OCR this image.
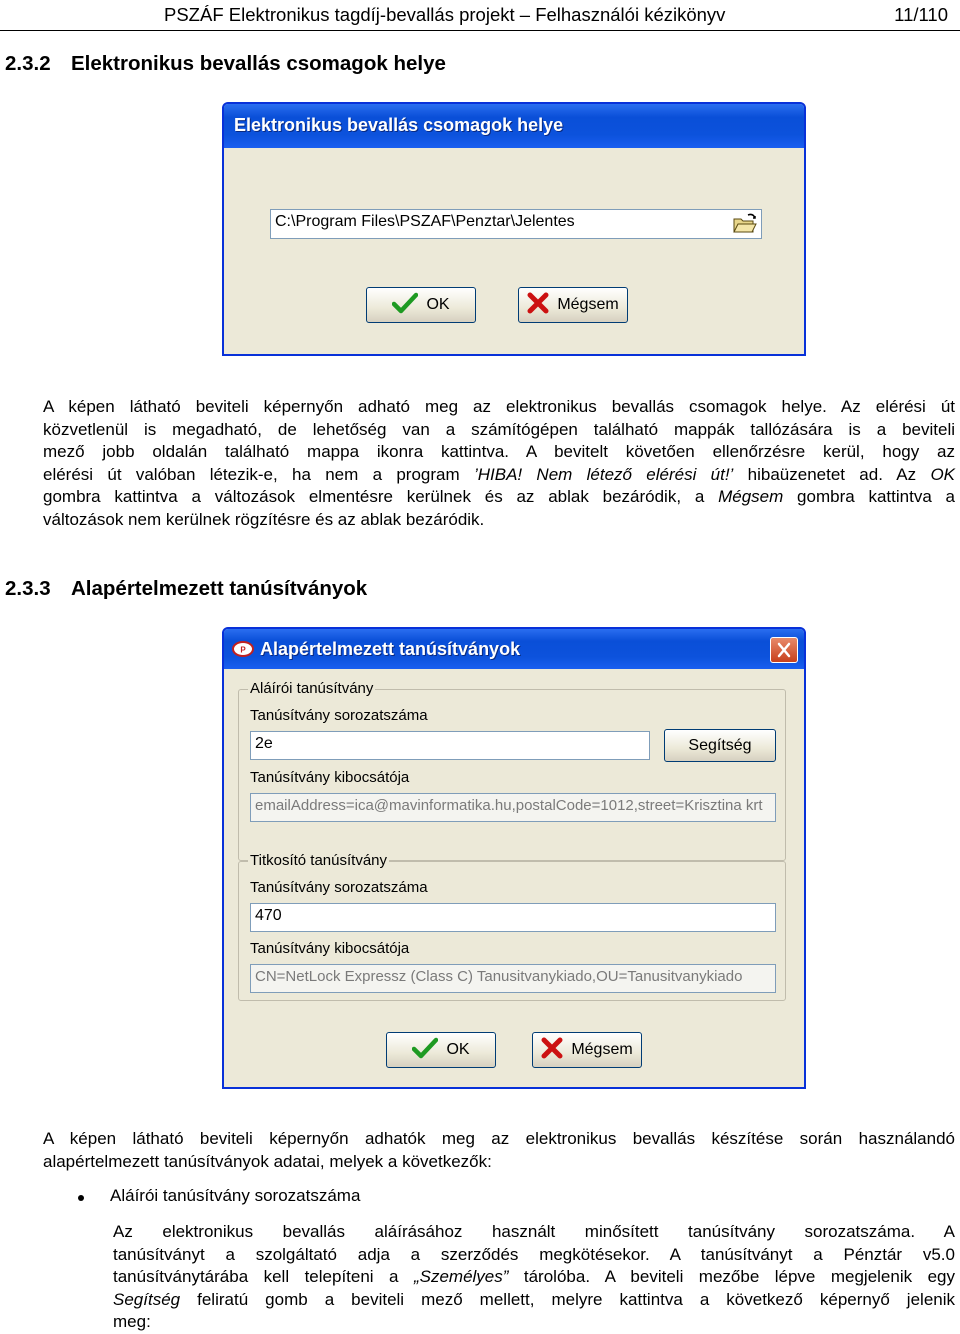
PSZÁF Elektronikus tagdíj-bevallás projekt – Felhasználói kézikönyv	11/110
2.3.2 Elektronikus bevallás csomagok helye
Elektronikus bevallás csomagok helye
C:\Program Files\PSZAF\Penztar\Jelentes
OK	Mégsem
A képen látható beviteli képernyőn adható meg az elektronikus bevallás csomagok helye. Az elérési út
közvetlenül is megadható, de lehetőség van a számítógépen található mappák tallózására is a beviteli
mező jobb oldalán található mappa ikonra kattintva. A bevitelt követően ellenőrzésre kerül, hogy az
elérési út valóban létezik-e, ha nem a program ’HIBA! Nem létező elérési út!’ hibaüzenetet ad. Az OK
gombra kattintva a változások elmentésre kerülnek és az ablak bezáródik, a Mégsem gombra kattintva a
változások nem kerülnek rögzítésre és az ablak bezáródik.
2.3.3 Alapértelmezett tanúsítványok
P Alapértelmezett tanúsítványok
Aláírói tanúsítvány
Tanúsítvány sorozatszáma
2e	Segítség
Tanúsítvány kibocsátója
emailAddress=ica@mavinformatika.hu,postalCode=1012,street=Krisztina krt
Titkosító tanúsítvány
Tanúsítvány sorozatszáma
470
Tanúsítvány kibocsátója
CN=NetLock Expressz (Class C) Tanusitvanykiado,OU=Tanusitvanykiado
OK	Mégsem
A képen látható beviteli képernyőn adhatók meg az elektronikus bevallás készítése során használandó
alapértelmezett tanúsítványok adatai, melyek a következők:
Aláírói tanúsítvány sorozatszáma
Az elektronikus bevallás aláírásához használt minősített tanúsítvány sorozatszáma. A
tanúsítványt a szolgáltató adja a szerződés megkötésekor. A tanúsítványt a Pénztár v5.0
tanúsítványtárába kell telepíteni a „Személyes” tárolóba. A beviteli mezőbe lépve megjelenik egy
Segítség feliratú gomb a beviteli mező mellett, melyre kattintva a következő képernyő jelenik
meg:
